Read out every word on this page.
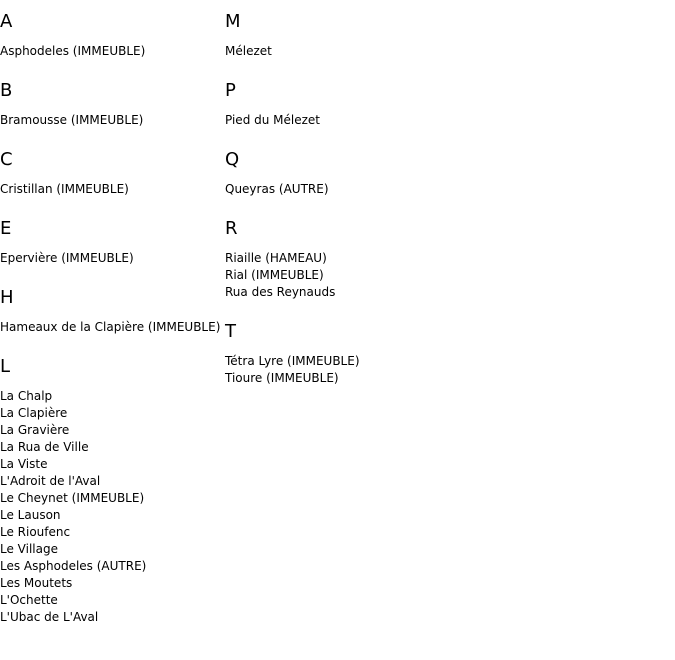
A
Asphodeles (IMMEUBLE)
B
Bramousse (IMMEUBLE)
C
Cristillan (IMMEUBLE)
E
Epervière (IMMEUBLE)
H
Hameaux de la Clapière (IMMEUBLE)
L
La Chalp
La Clapière
La Gravière
La Rua de Ville
La Viste
L'Adroit de l'Aval
Le Cheynet (IMMEUBLE)
Le Lauson
Le Rioufenc
Le Village
Les Asphodeles (AUTRE)
Les Moutets
L'Ochette
L'Ubac de L'Aval
M
Mélezet
P
Pied du Mélezet
Q
Queyras (AUTRE)
R
Riaille (HAMEAU)
Rial (IMMEUBLE)
Rua des Reynauds
T
Tétra Lyre (IMMEUBLE)
Tioure (IMMEUBLE)
